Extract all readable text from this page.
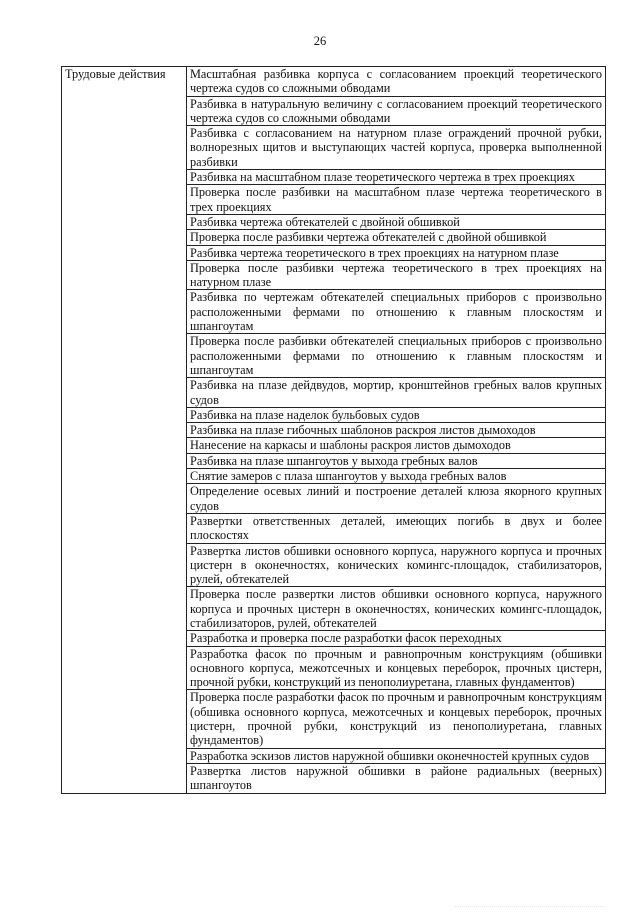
26
Трудовые действия	Масштабная разбивка корпуса с согласованием проекций теоретического чертежа судов со сложными обводами
Разбивка в натуральную величину с согласованием проекций теоретического чертежа судов со сложными обводами
Разбивка с согласованием на натурном плазе ограждений прочной рубки, волнорезных щитов и выступающих частей корпуса, проверка выполненной разбивки
Разбивка на масштабном плазе теоретического чертежа в трех проекциях
Проверка после разбивки на масштабном плазе чертежа теоретического в трех проекциях
Разбивка чертежа обтекателей с двойной обшивкой
Проверка после разбивки чертежа обтекателей с двойной обшивкой
Разбивка чертежа теоретического в трех проекциях на натурном плазе
Проверка после разбивки чертежа теоретического в трех проекциях на натурном плазе
Разбивка по чертежам обтекателей специальных приборов с произвольно расположенными фермами по отношению к главным плоскостям и шпангоутам
Проверка после разбивки обтекателей специальных приборов с произвольно расположенными фермами по отношению к главным плоскостям и шпангоутам
Разбивка на плазе дейдвудов, мортир, кронштейнов гребных валов крупных судов
Разбивка на плазе наделок бульбовых судов
Разбивка на плазе гибочных шаблонов раскроя листов дымоходов
Нанесение на каркасы и шаблоны раскроя листов дымоходов
Разбивка на плазе шпангоутов у выхода гребных валов
Снятие замеров с плаза шпангоутов у выхода гребных валов
Определение осевых линий и построение деталей клюза якорного крупных судов
Развертки ответственных деталей, имеющих погибь в двух и более плоскостях
Развертка листов обшивки основного корпуса, наружного корпуса и прочных цистерн в оконечностях, конических комингс-площадок, стабилизаторов, рулей, обтекателей
Проверка после развертки листов обшивки основного корпуса, наружного корпуса и прочных цистерн в оконечностях, конических комингс-площадок, стабилизаторов, рулей, обтекателей
Разработка и проверка после разработки фасок переходных
Разработка фасок по прочным и равнопрочным конструкциям (обшивки основного корпуса, межотсечных и концевых переборок, прочных цистерн, прочной рубки, конструкций из пенополиуретана, главных фундаментов)
Проверка после разработки фасок по прочным и равнопрочным конструкциям (обшивка основного корпуса, межотсечных и концевых переборок, прочных цистерн, прочной рубки, конструкций из пенополиуретана, главных фундаментов)
Разработка эскизов листов наружной обшивки оконечностей крупных судов
Развертка листов наружной обшивки в районе радиальных (веерных) шпангоутов
